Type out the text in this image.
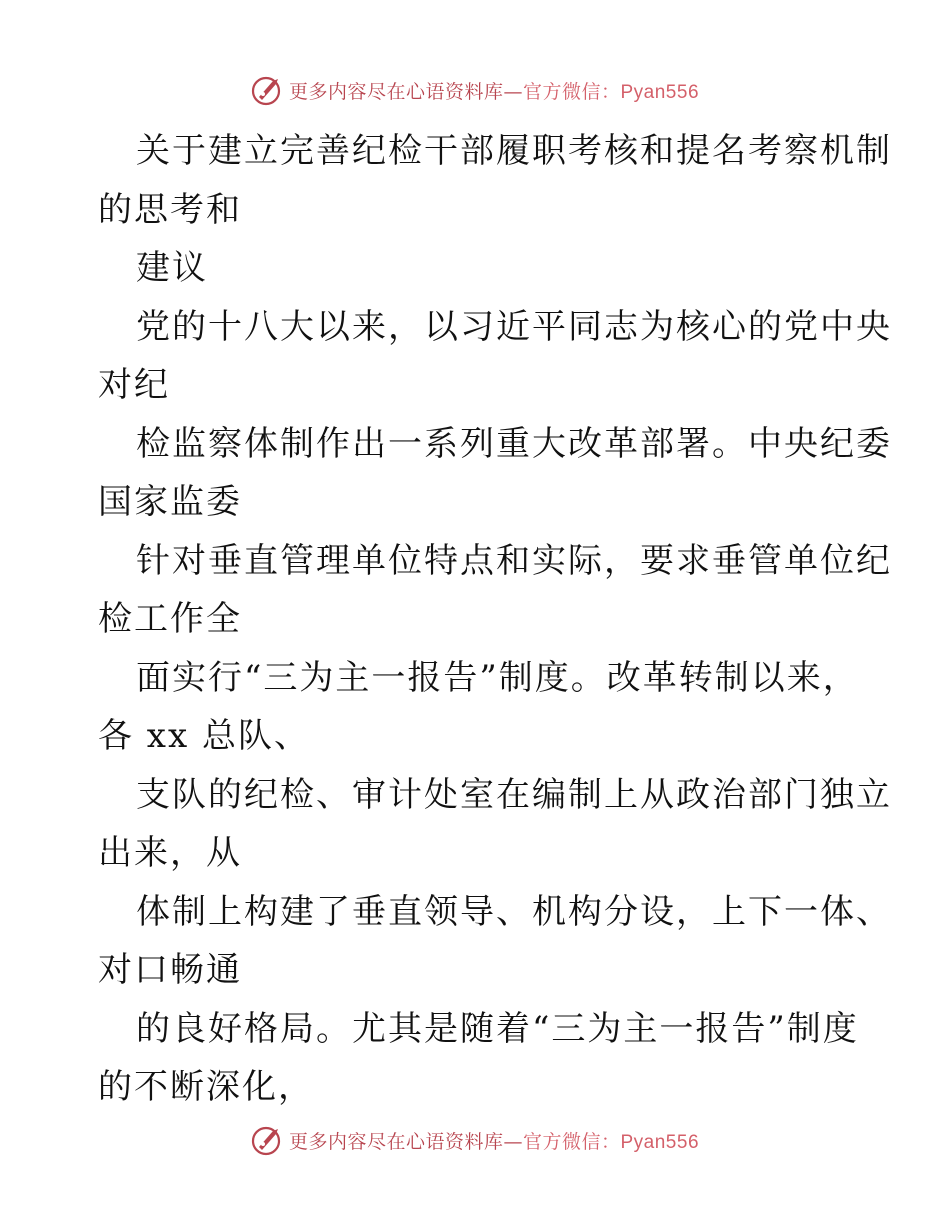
更多内容尽在心语资料库—官方微信：Pyan556
关于建立完善纪检干部履职考核和提名考察机制
的思考和
建议
党的十八大以来，以习近平同志为核心的党中央
对纪
检监察体制作出一系列重大改革部署。中央纪委
国家监委
针对垂直管理单位特点和实际，要求垂管单位纪
检工作全
面实行“三为主一报告”制度。改革转制以来，
各 xx 总队、
支队的纪检、审计处室在编制上从政治部门独立
出来，从
体制上构建了垂直领导、机构分设，上下一体、
对口畅通
的良好格局。尤其是随着“三为主一报告”制度
的不断深化，
更多内容尽在心语资料库—官方微信：Pyan556
